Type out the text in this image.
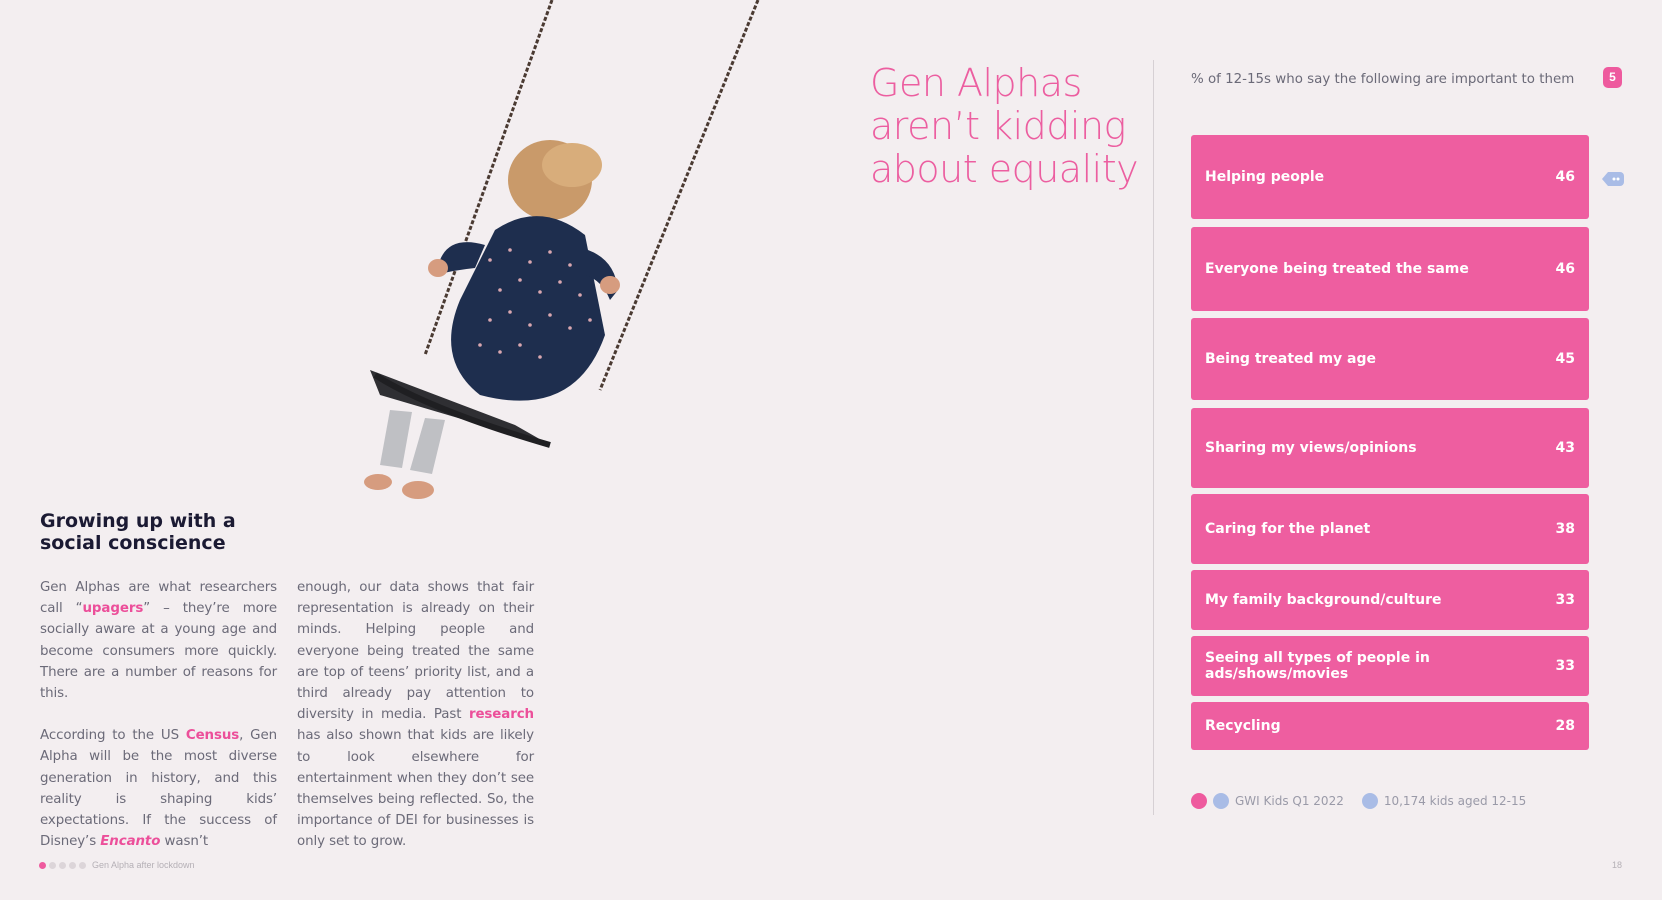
Growing up with a
social conscience

Gen Alphas are what researchers call “upagers” – they’re more socially aware at a young age and become consumers more quickly. There are a number of reasons for this.

According to the US Census, Gen Alpha will be the most diverse generation in history, and this reality is shaping kids’ expectations. If the success of Disney’s Encanto wasn’t

enough, our data shows that fair representation is already on their minds. Helping people and everyone being treated the same are top of teens’ priority list, and a third already pay attention to diversity in media. Past research has also shown that kids are likely to look elsewhere for entertainment when they don’t see themselves being reflected. So, the importance of DEI for businesses is only set to grow.

Gen Alphas
aren’t kidding
about equality
% of 12-15s who say the following are important to them	5
Helping people	46
Everyone being treated the same	46
Being treated my age	45
Sharing my views/opinions	43
Caring for the planet	38
My family background/culture	33
Seeing all types of people in ads/shows/movies	33
Recycling	28
GWI Kids Q1 2022	10,174 kids aged 12-15
Gen Alpha after lockdown	18
